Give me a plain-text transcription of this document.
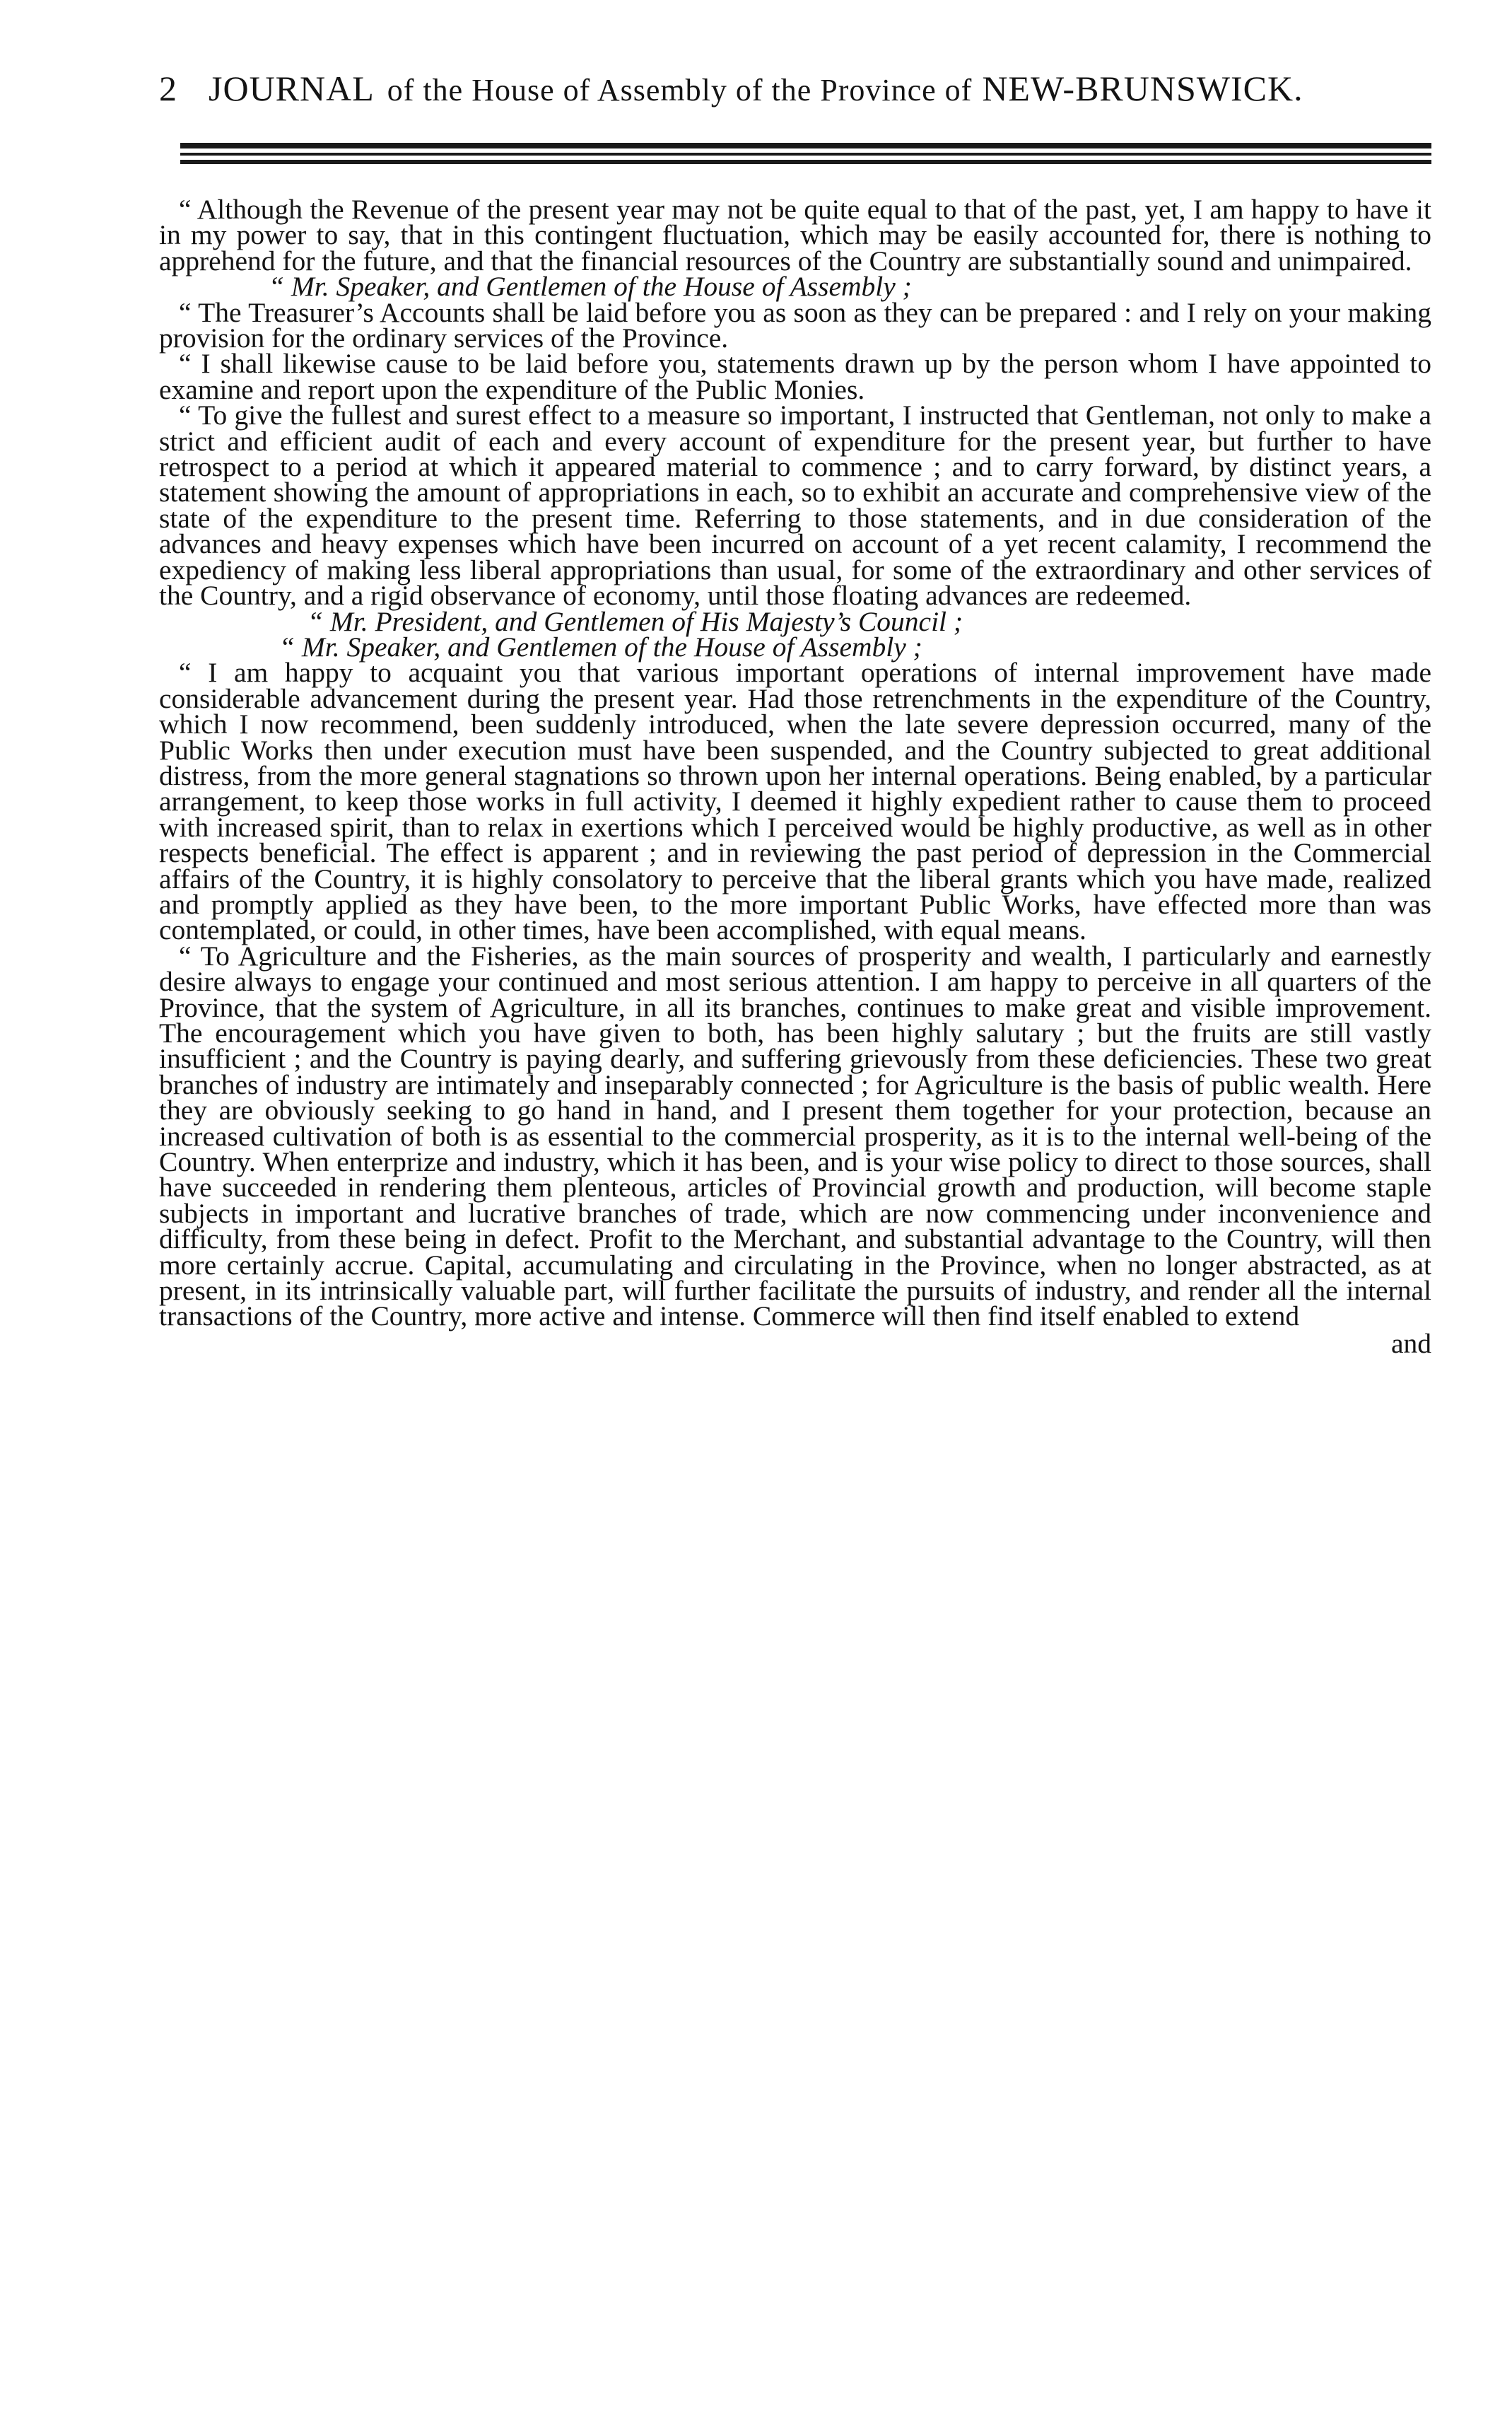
2 JOURNAL of the House of Assembly of the Province of NEW-BRUNSWICK.

“ Although the Revenue of the present year may not be quite equal to that of the past, yet, I am happy to have it in my power to say, that in this contingent fluctuation, which may be easily accounted for, there is nothing to apprehend for the future, and that the financial resources of the Country are substantially sound and unimpaired.

“ Mr. Speaker, and Gentlemen of the House of Assembly ;

“ The Treasurer’s Accounts shall be laid before you as soon as they can be prepared : and I rely on your making provision for the ordinary services of the Province.

“ I shall likewise cause to be laid before you, statements drawn up by the person whom I have appointed to examine and report upon the expenditure of the Public Monies.

“ To give the fullest and surest effect to a measure so important, I instructed that Gentleman, not only to make a strict and efficient audit of each and every account of expenditure for the present year, but further to have retrospect to a period at which it appeared material to commence ; and to carry forward, by distinct years, a statement showing the amount of appropriations in each, so to exhibit an accurate and comprehensive view of the state of the expenditure to the present time. Referring to those statements, and in due consideration of the advances and heavy expenses which have been incurred on account of a yet recent calamity, I recommend the expediency of making less liberal appropriations than usual, for some of the extraordinary and other services of the Country, and a rigid observance of economy, until those floating advances are redeemed.

“ Mr. President, and Gentlemen of His Majesty’s Council ;

“ Mr. Speaker, and Gentlemen of the House of Assembly ;

“ I am happy to acquaint you that various important operations of internal improvement have made considerable advancement during the present year. Had those retrenchments in the expenditure of the Country, which I now recommend, been suddenly introduced, when the late severe depression occurred, many of the Public Works then under execution must have been suspended, and the Country subjected to great additional distress, from the more general stagnations so thrown upon her internal operations. Being enabled, by a particular arrangement, to keep those works in full activity, I deemed it highly expedient rather to cause them to proceed with increased spirit, than to relax in exertions which I perceived would be highly productive, as well as in other respects beneficial. The effect is apparent ; and in reviewing the past period of depression in the Commercial affairs of the Country, it is highly consolatory to perceive that the liberal grants which you have made, realized and promptly applied as they have been, to the more important Public Works, have effected more than was contemplated, or could, in other times, have been accomplished, with equal means.

“ To Agriculture and the Fisheries, as the main sources of prosperity and wealth, I particularly and earnestly desire always to engage your continued and most serious attention. I am happy to perceive in all quarters of the Province, that the system of Agriculture, in all its branches, continues to make great and visible improvement. The encouragement which you have given to both, has been highly salutary ; but the fruits are still vastly insufficient ; and the Country is paying dearly, and suffering grievously from these deficiencies. These two great branches of industry are intimately and inseparably connected ; for Agriculture is the basis of public wealth. Here they are obviously seeking to go hand in hand, and I present them together for your protection, because an increased cultivation of both is as essential to the commercial prosperity, as it is to the internal well-being of the Country. When enterprize and industry, which it has been, and is your wise policy to direct to those sources, shall have succeeded in rendering them plenteous, articles of Provincial growth and production, will become staple subjects in important and lucrative branches of trade, which are now commencing under inconvenience and difficulty, from these being in defect. Profit to the Merchant, and substantial advantage to the Country, will then more certainly accrue. Capital, accumulating and circulating in the Province, when no longer abstracted, as at present, in its intrinsically valuable part, will further facilitate the pursuits of industry, and render all the internal transactions of the Country, more active and intense. Commerce will then find itself enabled to extend

and
